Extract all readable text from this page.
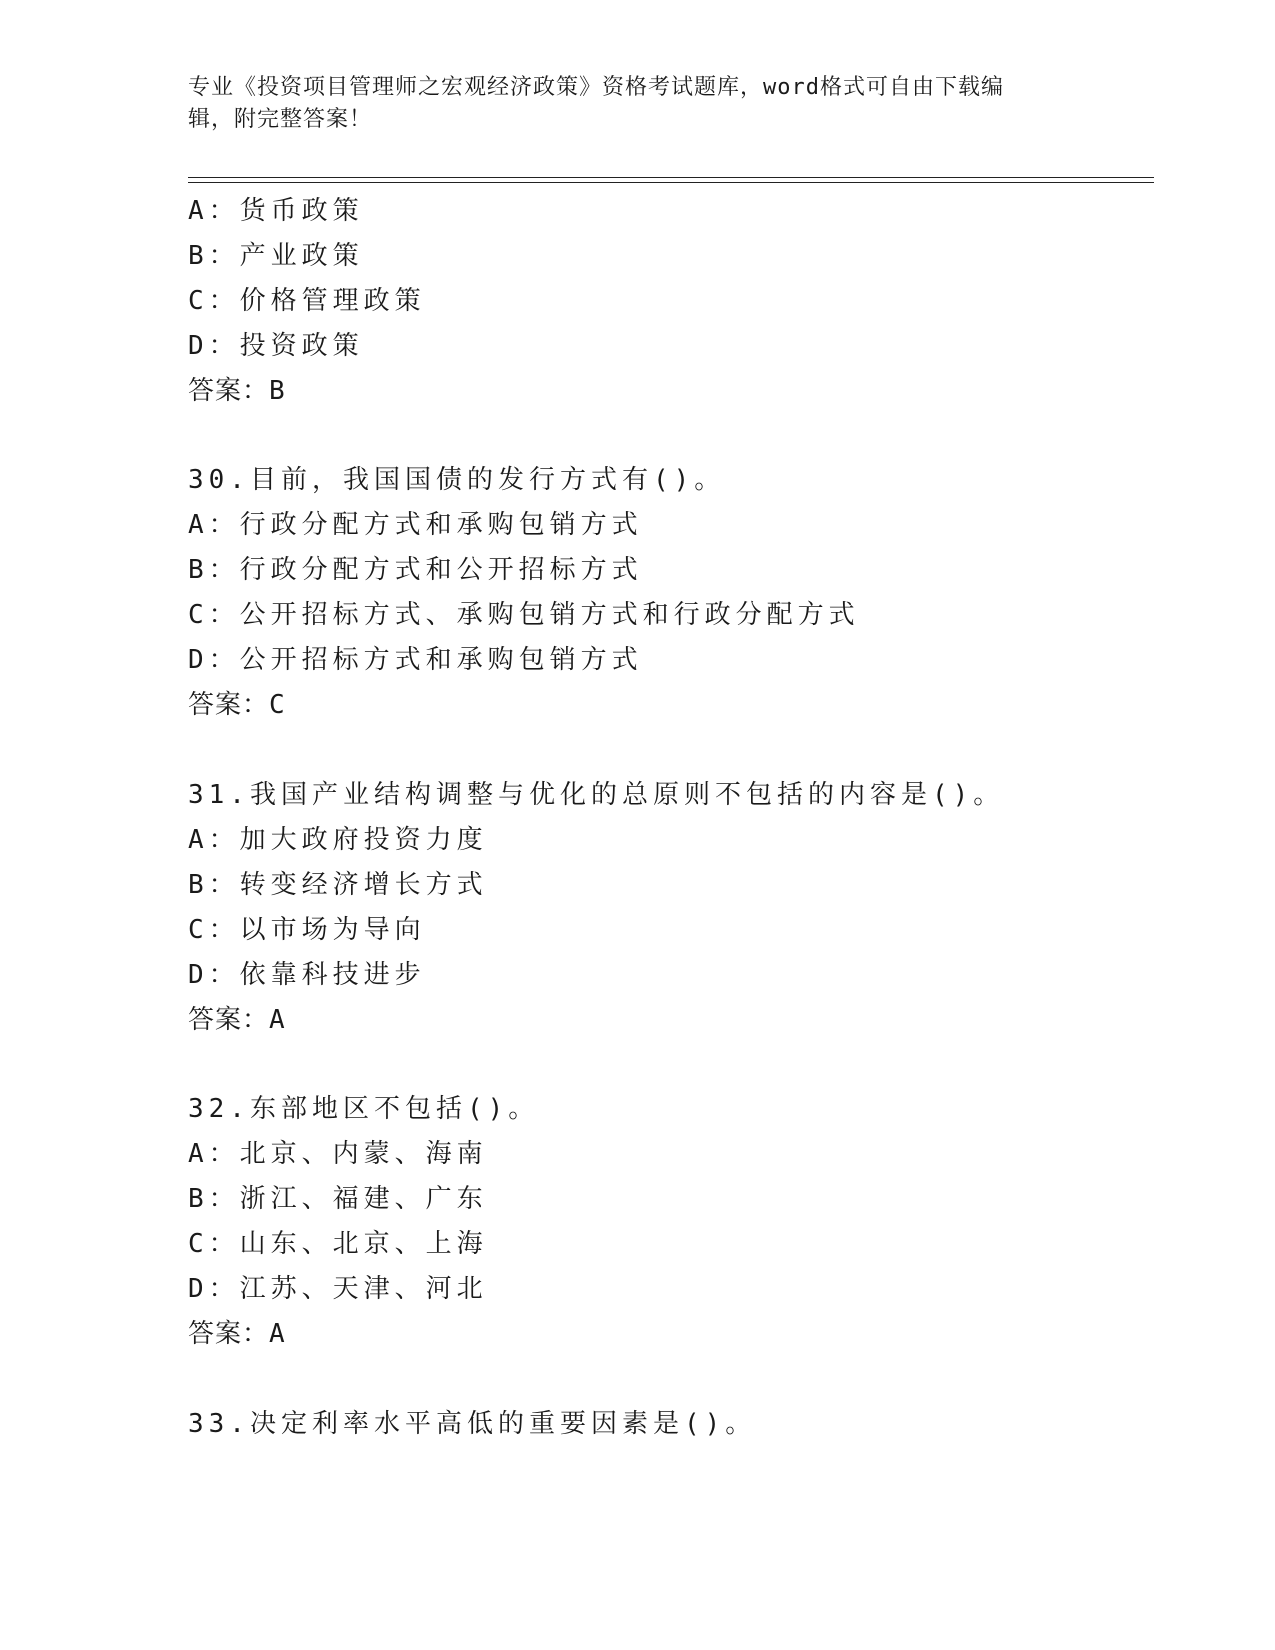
专业《投资项目管理师之宏观经济政策》资格考试题库，word格式可自由下载编
辑，附完整答案！
A：货币政策
B：产业政策
C：价格管理政策
D：投资政策
答案：B
30.目前，我国国债的发行方式有()。
A：行政分配方式和承购包销方式
B：行政分配方式和公开招标方式
C：公开招标方式、承购包销方式和行政分配方式
D：公开招标方式和承购包销方式
答案：C
31.我国产业结构调整与优化的总原则不包括的内容是()。
A：加大政府投资力度
B：转变经济增长方式
C：以市场为导向
D：依靠科技进步
答案：A
32.东部地区不包括()。
A：北京、内蒙、海南
B：浙江、福建、广东
C：山东、北京、上海
D：江苏、天津、河北
答案：A
33.决定利率水平高低的重要因素是()。
